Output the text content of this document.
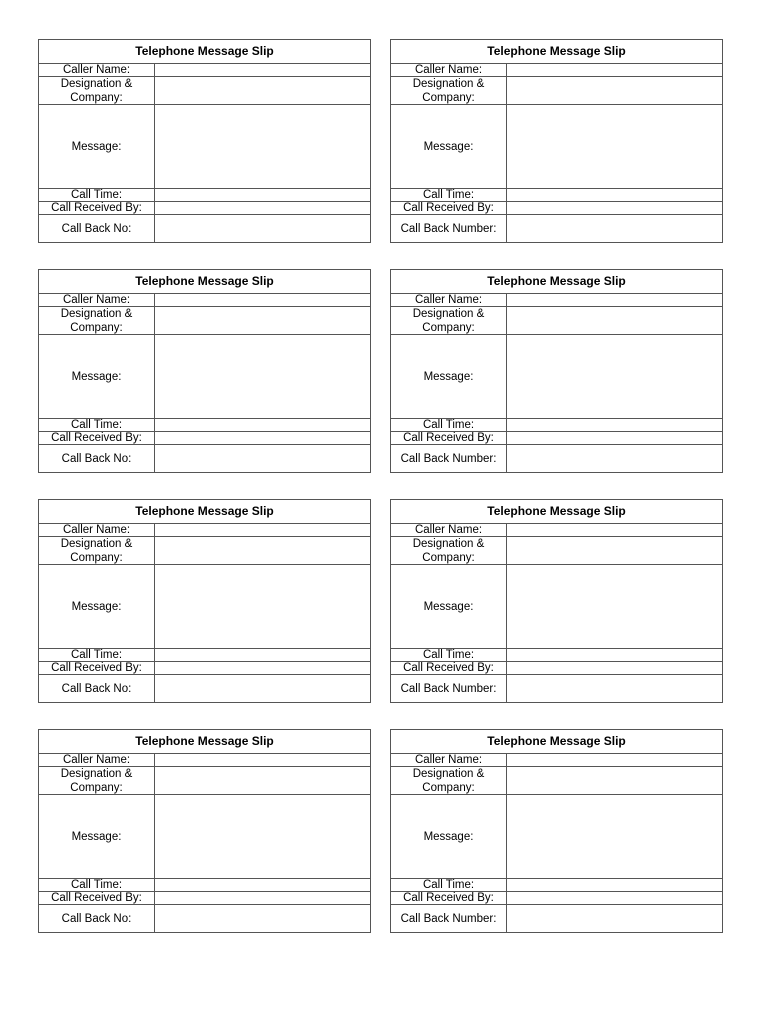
Telephone Message Slip
Caller Name:
Designation & Company:
Message:
Call Time:
Call Received By:
Call Back No:
Telephone Message Slip
Caller Name:
Designation & Company:
Message:
Call Time:
Call Received By:
Call Back Number:
Telephone Message Slip
Caller Name:
Designation & Company:
Message:
Call Time:
Call Received By:
Call Back No:
Telephone Message Slip
Caller Name:
Designation & Company:
Message:
Call Time:
Call Received By:
Call Back Number:
Telephone Message Slip
Caller Name:
Designation & Company:
Message:
Call Time:
Call Received By:
Call Back No:
Telephone Message Slip
Caller Name:
Designation & Company:
Message:
Call Time:
Call Received By:
Call Back Number:
Telephone Message Slip
Caller Name:
Designation & Company:
Message:
Call Time:
Call Received By:
Call Back No:
Telephone Message Slip
Caller Name:
Designation & Company:
Message:
Call Time:
Call Received By:
Call Back Number:
